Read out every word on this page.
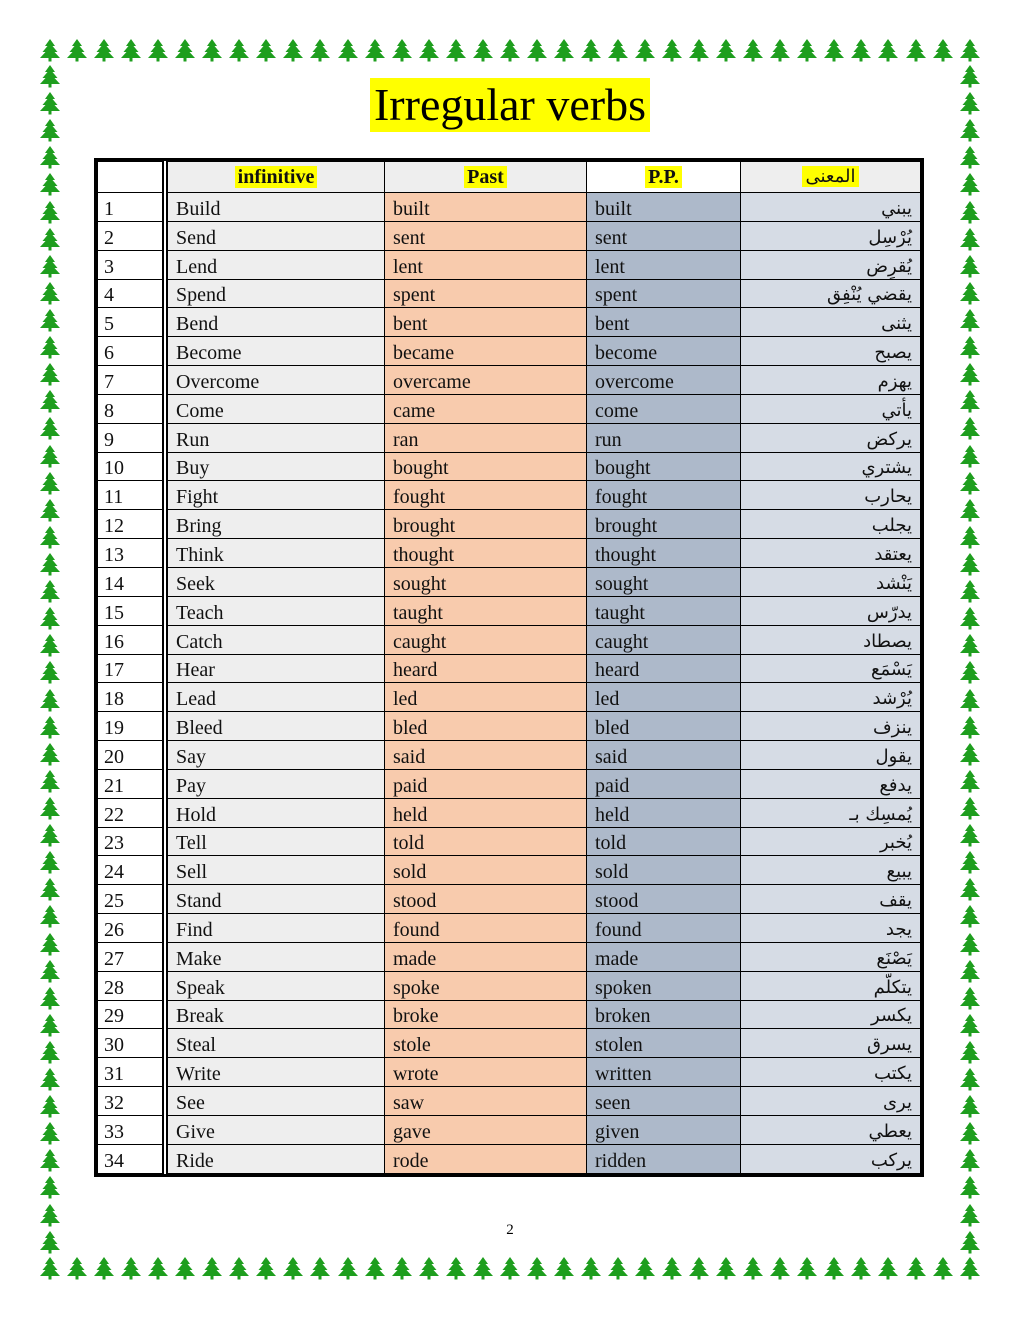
Irregular verbs
	infinitive	Past	P.P.	المعنى
1	Build	built	built	يبني
2	Send	sent	sent	يُرْسِل
3	Lend	lent	lent	يُقرِض
4	Spend	spent	spent	يقضي يُنْفِق
5	Bend	bent	bent	يثنى
6	Become	became	become	يصبح
7	Overcome	overcame	overcome	يهزم
8	Come	came	come	يأتي
9	Run	ran	run	يركض
10	Buy	bought	bought	يشتري
11	Fight	fought	fought	يحارب
12	Bring	brought	brought	يجلب
13	Think	thought	thought	يعتقد
14	Seek	sought	sought	يَنْشد
15	Teach	taught	taught	يدرّس
16	Catch	caught	caught	يصطاد
17	Hear	heard	heard	يَسْمَع
18	Lead	led	led	يُرْشد
19	Bleed	bled	bled	ينزف
20	Say	said	said	يقول
21	Pay	paid	paid	يدفع
22	Hold	held	held	يُمسِك بـ
23	Tell	told	told	يُخبر
24	Sell	sold	sold	يبيع
25	Stand	stood	stood	يقف
26	Find	found	found	يجد
27	Make	made	made	يَصْنَع
28	Speak	spoke	spoken	يتكلّم
29	Break	broke	broken	يكسر
30	Steal	stole	stolen	يسرق
31	Write	wrote	written	يكتب
32	See	saw	seen	يرى
33	Give	gave	given	يعطي
34	Ride	rode	ridden	يركب
2
